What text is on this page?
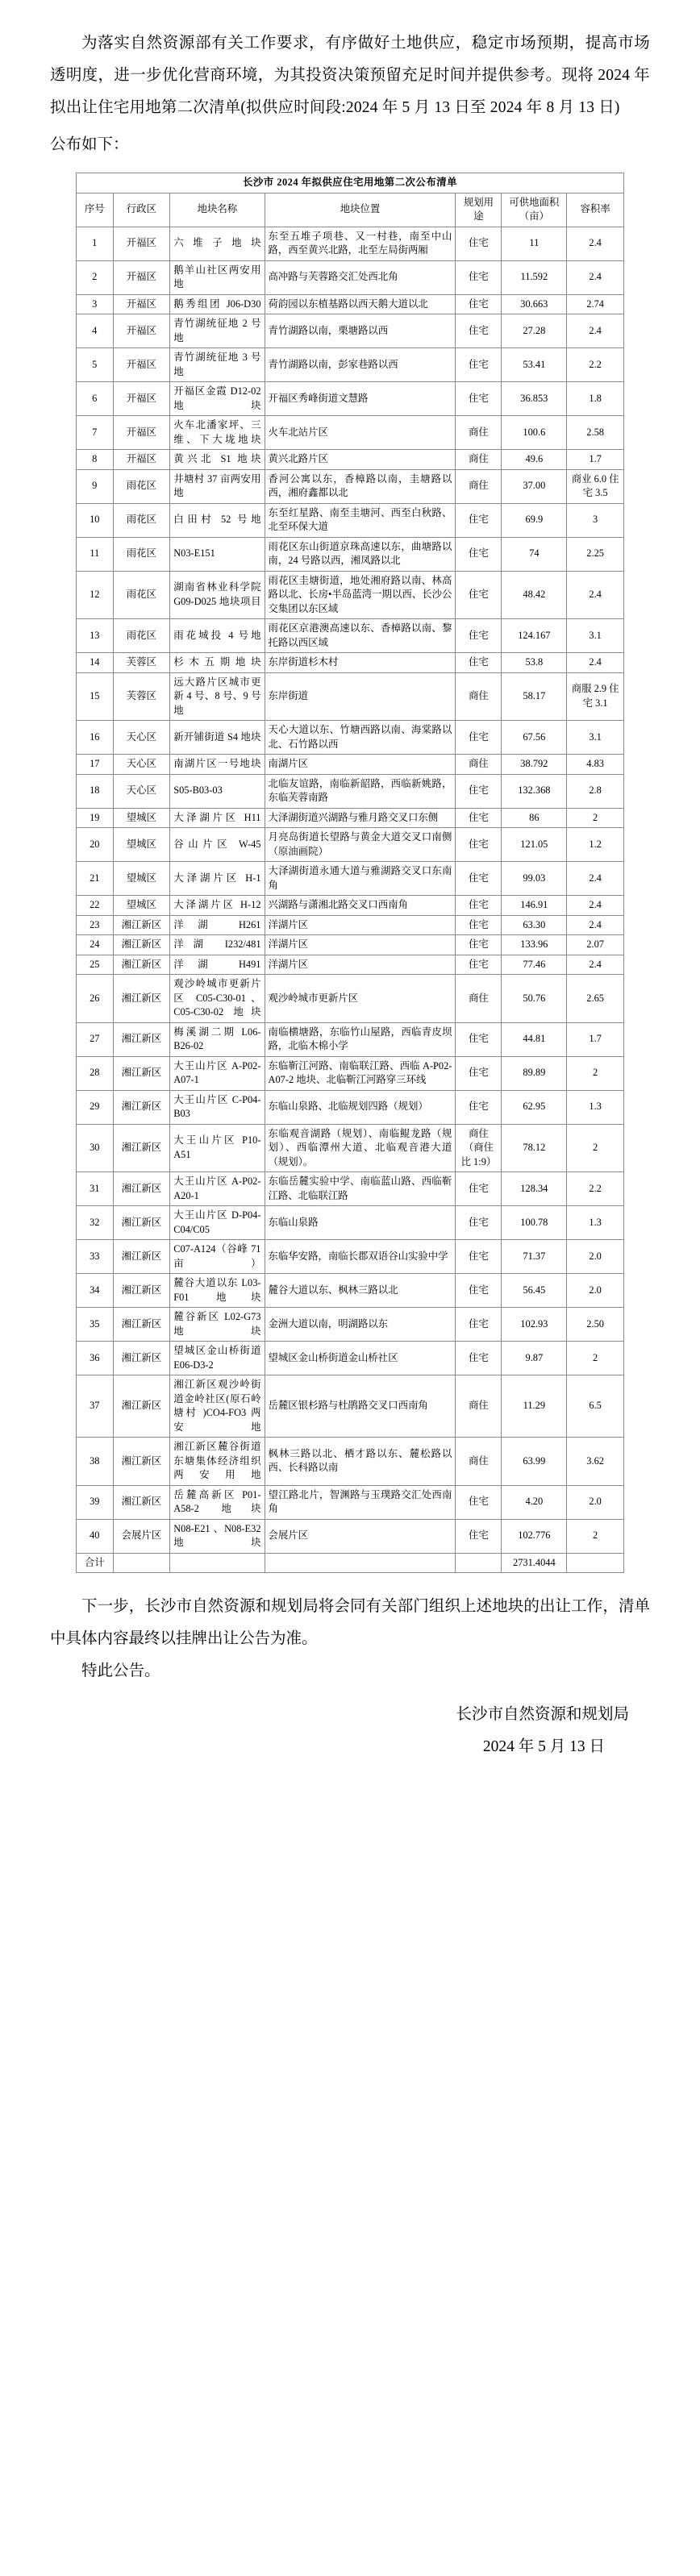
为落实自然资源部有关工作要求，有序做好土地供应，稳定市场预期，提高市场透明度，进一步优化营商环境，为其投资决策预留充足时间并提供参考。现将 2024 年拟出让住宅用地第二次清单(拟供应时间段:2024 年 5 月 13 日至 2024 年 8 月 13 日)

公布如下：

长沙市 2024 年拟供应住宅用地第二次公布清单						
序号	行政区	地块名称	地块位置	规划用途	可供地面积（亩）	容积率
1	开福区	六堆子地块	东至五堆子项巷、又一村巷，南至中山路，西至黄兴北路，北至左局街两厢	住宅	11	2.4
2	开福区	鹅羊山社区两安用地	高冲路与芙蓉路交汇处西北角	住宅	11.592	2.4
3	开福区	鹅秀组团 J06-D30	荷韵园以东植基路以西天鹅大道以北	住宅	30.663	2.74
4	开福区	青竹湖统征地 2 号地	青竹湖路以南，栗塘路以西	住宅	27.28	2.4
5	开福区	青竹湖统征地 3 号地	青竹湖路以南，彭家巷路以西	住宅	53.41	2.2
6	开福区	开福区金霞 D12-02 地块	开福区秀峰街道文慧路	住宅	36.853	1.8
7	开福区	火车北潘家坪、三维、下大垅地块	火车北站片区	商住	100.6	2.58
8	开福区	黄兴北 S1 地块	黄兴北路片区	商住	49.6	1.7
9	雨花区	井塘村 37 亩两安用地	香河公寓以东，香樟路以南，圭塘路以西，湘府鑫都以北	商住	37.00	商业 6.0 住宅 3.5
10	雨花区	白田村 52 号地	东至红星路、南至圭塘河、西至白秋路、北至环保大道	住宅	69.9	3
11	雨花区	N03-E151	雨花区东山街道京珠高速以东，曲塘路以南，24 号路以西，湘凤路以北	住宅	74	2.25
12	雨花区	湖南省林业科学院 G09-D025 地块项目	雨花区圭塘街道，地处湘府路以南、林高路以北、长房•半岛蓝湾一期以西、长沙公交集团以东区域	住宅	48.42	2.4
13	雨花区	雨花城投 4 号地	雨花区京港澳高速以东、香樟路以南、黎托路以西区域	住宅	124.167	3.1
14	芙蓉区	杉木五期地块	东岸街道杉木村	住宅	53.8	2.4
15	芙蓉区	远大路片区城市更新 4 号、8 号、9 号地	东岸街道	商住	58.17	商服 2.9 住宅 3.1
16	天心区	新开铺街道 S4 地块	天心大道以东、竹塘西路以南、海棠路以北、石竹路以西	住宅	67.56	3.1
17	天心区	南湖片区一号地块	南湖片区	商住	38.792	4.83
18	天心区	S05-B03-03	北临友谊路，南临新韶路，西临新姚路，东临芙蓉南路	住宅	132.368	2.8
19	望城区	大泽湖片区 H11	大泽湖街道兴湖路与雅月路交叉口东侧	住宅	86	2
20	望城区	谷山片区 W-45	月亮岛街道长望路与黄金大道交叉口南侧（原油画院）	住宅	121.05	1.2
21	望城区	大泽湖片区 H-1	大泽湖街道永通大道与雅湖路交叉口东南角	住宅	99.03	2.4
22	望城区	大泽湖片区 H-12	兴湖路与潇湘北路交叉口西南角	住宅	146.91	2.4
23	湘江新区	洋湖 H261	洋湖片区	住宅	63.30	2.4
24	湘江新区	洋湖 I232/481	洋湖片区	住宅	133.96	2.07
25	湘江新区	洋湖 H491	洋湖片区	住宅	77.46	2.4
26	湘江新区	观沙岭城市更新片区 C05-C30-01、C05-C30-02 地块	观沙岭城市更新片区	商住	50.76	2.65
27	湘江新区	梅溪湖二期 L06-B26-02	南临横塘路，东临竹山屋路，西临青皮坝路，北临木棉小学	住宅	44.81	1.7
28	湘江新区	大王山片区 A-P02-A07-1	东临靳江河路、南临联江路、西临 A-P02-A07-2 地块、北临靳江河路穿三环线	住宅	89.89	2
29	湘江新区	大王山片区 C-P04-B03	东临山泉路、北临规划四路（规划）	住宅	62.95	1.3
30	湘江新区	大王山片区 P10-A51	东临观音湖路（规划）、南临鲲龙路（规划）、西临潭州大道、北临观音港大道（规划）。	商住（商住比 1:9）	78.12	2
31	湘江新区	大王山片区 A-P02-A20-1	东临岳麓实验中学、南临蓝山路、西临靳江路、北临联江路	住宅	128.34	2.2
32	湘江新区	大王山片区 D-P04-C04/C05	东临山泉路	住宅	100.78	1.3
33	湘江新区	C07-A124（谷峰 71 亩）	东临华安路，南临长郡双语谷山实验中学	住宅	71.37	2.0
34	湘江新区	麓谷大道以东 L03-F01 地块	麓谷大道以东、枫林三路以北	住宅	56.45	2.0
35	湘江新区	麓谷新区 L02-G73 地块	金洲大道以南，明湖路以东	住宅	102.93	2.50
36	湘江新区	望城区金山桥街道 E06-D3-2	望城区金山桥街道金山桥社区	住宅	9.87	2
37	湘江新区	湘江新区观沙岭街道金岭社区(原石岭塘村 )CO4-FO3 两安地	岳麓区银杉路与杜鹃路交叉口西南角	商住	11.29	6.5
38	湘江新区	湘江新区麓谷街道东塘集体经济组织两安用地	枫林三路以北、栖才路以东、麓松路以西、长科路以南	商住	63.99	3.62
39	湘江新区	岳麓高新区 P01-A58-2 地块	望江路北片，智渊路与玉璞路交汇处西南角	住宅	4.20	2.0
40	会展片区	N08-E21 、N08-E32 地块	会展片区	住宅	102.776	2
合计					2731.4044	

下一步，长沙市自然资源和规划局将会同有关部门组织上述地块的出让工作，清单中具体内容最终以挂牌出让公告为准。

特此公告。

长沙市自然资源和规划局

2024 年 5 月 13 日
